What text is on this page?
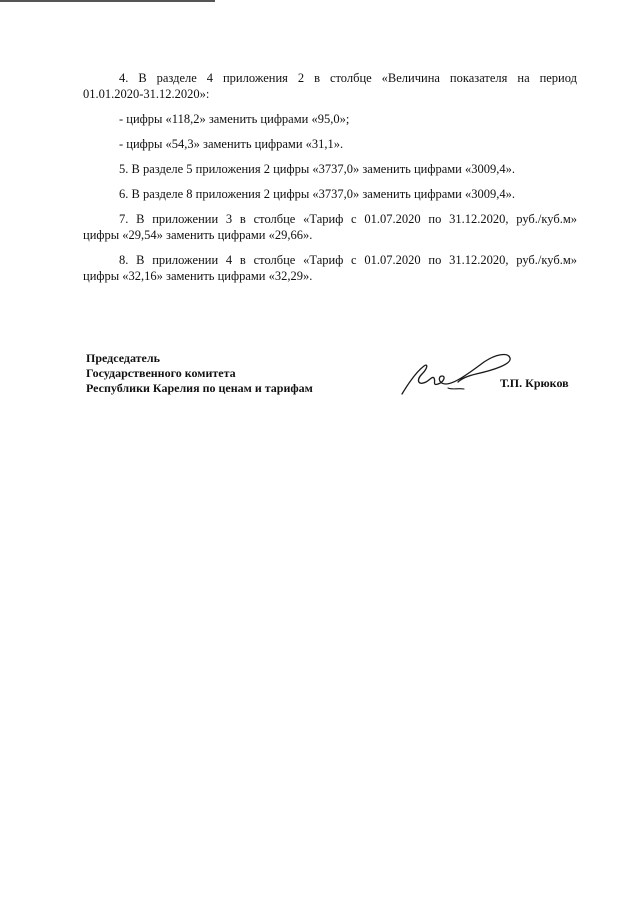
4. В разделе 4 приложения 2 в столбце «Величина показателя на период

01.01.2020-31.12.2020»:

- цифры «118,2» заменить цифрами «95,0»;

- цифры «54,3» заменить цифрами «31,1».

5. В разделе 5 приложения 2 цифры «3737,0» заменить цифрами «3009,4».

6. В разделе 8 приложения 2 цифры «3737,0» заменить цифрами «3009,4».

7. В приложении 3 в столбце «Тариф с 01.07.2020 по 31.12.2020, руб./куб.м»

цифры «29,54» заменить цифрами «29,66».

8. В приложении 4 в столбце «Тариф с 01.07.2020 по 31.12.2020, руб./куб.м»

цифры «32,16» заменить цифрами «32,29».

Председатель
Государственного комитета
Республики Карелия по ценам и тарифам	Т.П. Крюков
